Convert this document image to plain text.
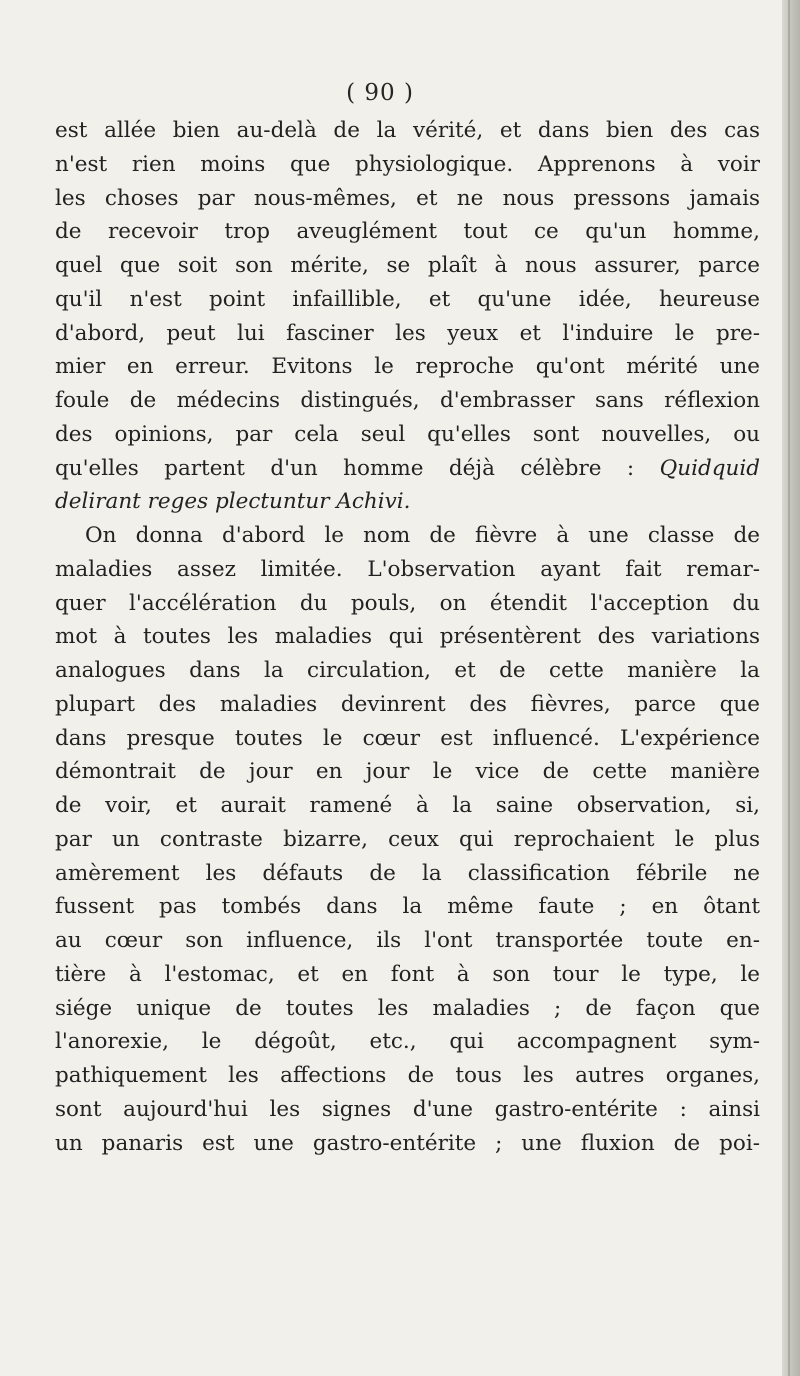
( 90 )
est allée bien au-delà de la vérité, et dans bien des cas
n'est rien moins que physiologique. Apprenons à voir
les choses par nous-mêmes, et ne nous pressons jamais
de recevoir trop aveuglément tout ce qu'un homme,
quel que soit son mérite, se plaît à nous assurer, parce
qu'il n'est point infaillible, et qu'une idée, heureuse
d'abord, peut lui fasciner les yeux et l'induire le pre-
mier en erreur. Evitons le reproche qu'ont mérité une
foule de médecins distingués, d'embrasser sans réflexion
des opinions, par cela seul qu'elles sont nouvelles, ou
qu'elles partent d'un homme déjà célèbre : Quidquid
delirant reges plectuntur Achivi.
On donna d'abord le nom de fièvre à une classe de
maladies assez limitée. L'observation ayant fait remar-
quer l'accélération du pouls, on étendit l'acception du
mot à toutes les maladies qui présentèrent des variations
analogues dans la circulation, et de cette manière la
plupart des maladies devinrent des fièvres, parce que
dans presque toutes le cœur est influencé. L'expérience
démontrait de jour en jour le vice de cette manière
de voir, et aurait ramené à la saine observation, si,
par un contraste bizarre, ceux qui reprochaient le plus
amèrement les défauts de la classification fébrile ne
fussent pas tombés dans la même faute ; en ôtant
au cœur son influence, ils l'ont transportée toute en-
tière à l'estomac, et en font à son tour le type, le
siége unique de toutes les maladies ; de façon que
l'anorexie, le dégoût, etc., qui accompagnent sym-
pathiquement les affections de tous les autres organes,
sont aujourd'hui les signes d'une gastro-entérite : ainsi
un panaris est une gastro-entérite ; une fluxion de poi-
